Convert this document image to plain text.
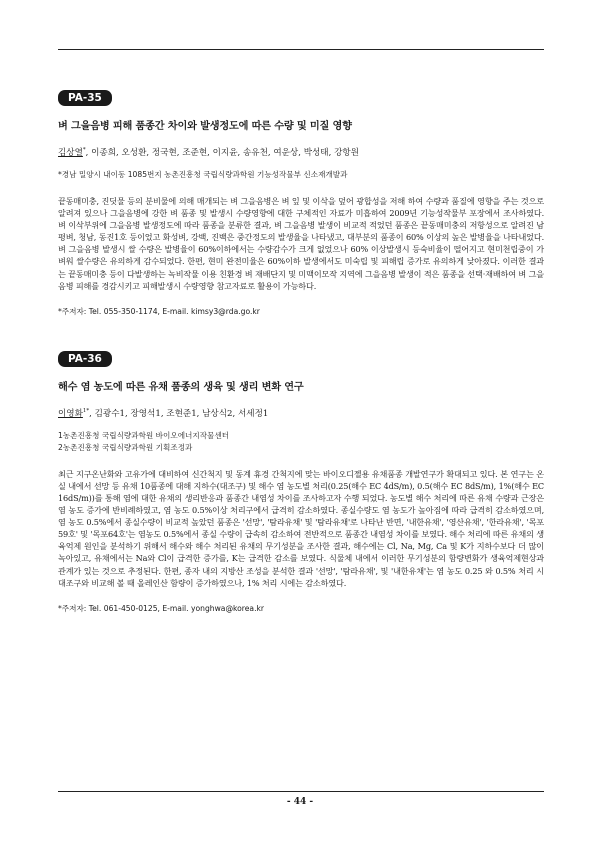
PA-35
벼 그을음병 피해 품종간 차이와 발생정도에 따른 수량 및 미질 영향
김상열*, 이종희, 오성환, 정국현, 조준현, 이지윤, 송유천, 여운상, 박성태, 강항원
*경남 밀양시 내이동 1085번지 농촌진흥청 국립식량과학원 기능성작물부 신소재개발과
끝동매미충, 진딧물 등의 분비물에 의해 매개되는 벼 그을음병은 벼 잎 및 이삭을 덮어 광합성을 저해 하여 수량과 품질에 영향을 주는 것으로 알려져 있으나 그을음병에 강한 벼 품종 및 발생시 수량영향에 대한 구체적인 자료가 미흡하여 2009년 기능성작물부 포장에서 조사하였다. 벼 이삭부위에 그을음병 발생정도에 따라 품종을 분류한 결과, 벼 그을음병 발생이 비교적 적었던 품종은 끝동매미충의 저항성으로 알려진 남평벼, 청남, 동진1호 등이었고 화성벼, 강백, 진백은 중간정도의 발생율을 나타냈고, 대부분의 품종이 60% 이상의 높은 발병율을 나타내었다. 벼 그을음병 발생시 쌀 수량은 발병율이 60%이하에서는 수량감수가 크게 없었으나 60% 이상발생시 등숙비율이 떨어지고 현미천립중이 가벼워 쌀수량은 유의하게 감수되었다. 한편, 현미 완전미율은 60%이하 발생에서도 미숙립 및 피해립 증가로 유의하게 낮아졌다. 이러한 결과는 끝동매미충 등이 다발생하는 녹비작물 이용 친환경 벼 재배단지 및 미맥이모작 지역에 그을음병 발생이 적은 품종을 선택·재배하여 벼 그을음병 피해를 경감시키고 피해발생시 수량영향 참고자료로 활용이 가능하다.
*주저자: Tel. 055-350-1174, E-mail. kimsy3@rda.go.kr
PA-36
해수 염 농도에 따른 유채 품종의 생육 및 생리 변화 연구
이영화$^{1*}$, 김광수1, 장영석1, 조현준1, 남상식2, 서세정1
1농촌진흥청 국립식량과학원 바이오에너지작물센터
2농촌진흥청 국립식량과학원 기획조정과
최근 지구온난화와 고유가에 대비하여 신간척지 및 동계 휴경 간척지에 맞는 바이오디젤용 유채품종 개발연구가 확대되고 있다. 본 연구는 온실 내에서 선망 등 유채 10품종에 대해 지하수(대조구) 및 해수 염 농도별 처리(0.25(해수 EC 4dS/m), 0.5(해수 EC 8dS/m), 1%(해수 EC 16dS/m))를 통해 염에 대한 유채의 생리반응과 품종간 내염성 차이를 조사하고자 수행 되었다. 농도별 해수 처리에 따른 유채 수량과 근장은 염 농도 증가에 반비례하였고, 염 농도 0.5%이상 처리구에서 급격히 감소하였다. 종실수량도 염 농도가 높아짐에 따라 급격히 감소하였으며, 염 농도 0.5%에서 종실수량이 비교적 높았던 품종은 '선망', '탐라유채' 및 '탐라유채'로 나타난 반면, '내한유채', '영산유채', '한라유채', '목포59호' 및 '목포64호'는 염농도 0.5%에서 종실 수량이 급속히 감소하여 전반적으로 품종간 내염성 차이를 보였다. 해수 처리에 따른 유채의 생육억제 원인을 분석하기 위해서 해수와 해수 처리된 유채의 무기성분을 조사한 결과, 해수에는 Cl, Na, Mg, Ca 및 K가 지하수보다 더 많이 녹아있고, 유채에서는 Na와 Cl이 급격한 증가를, K는 급격한 감소를 보였다. 식물체 내에서 이러한 무기성분의 함량변화가 생육억제현상과 관계가 있는 것으로 추정된다. 한편, 종자 내의 지방산 조성을 분석한 결과 '선망', '탐라유채', 및 '내한유채'는 염 농도 0.25 와 0.5% 처리 시 대조구와 비교해 볼 때 올레인산 함량이 증가하였으나, 1% 처리 시에는 감소하였다.
*주저자: Tel. 061-450-0125, E-mail. yonghwa@korea.kr
- 44 -
